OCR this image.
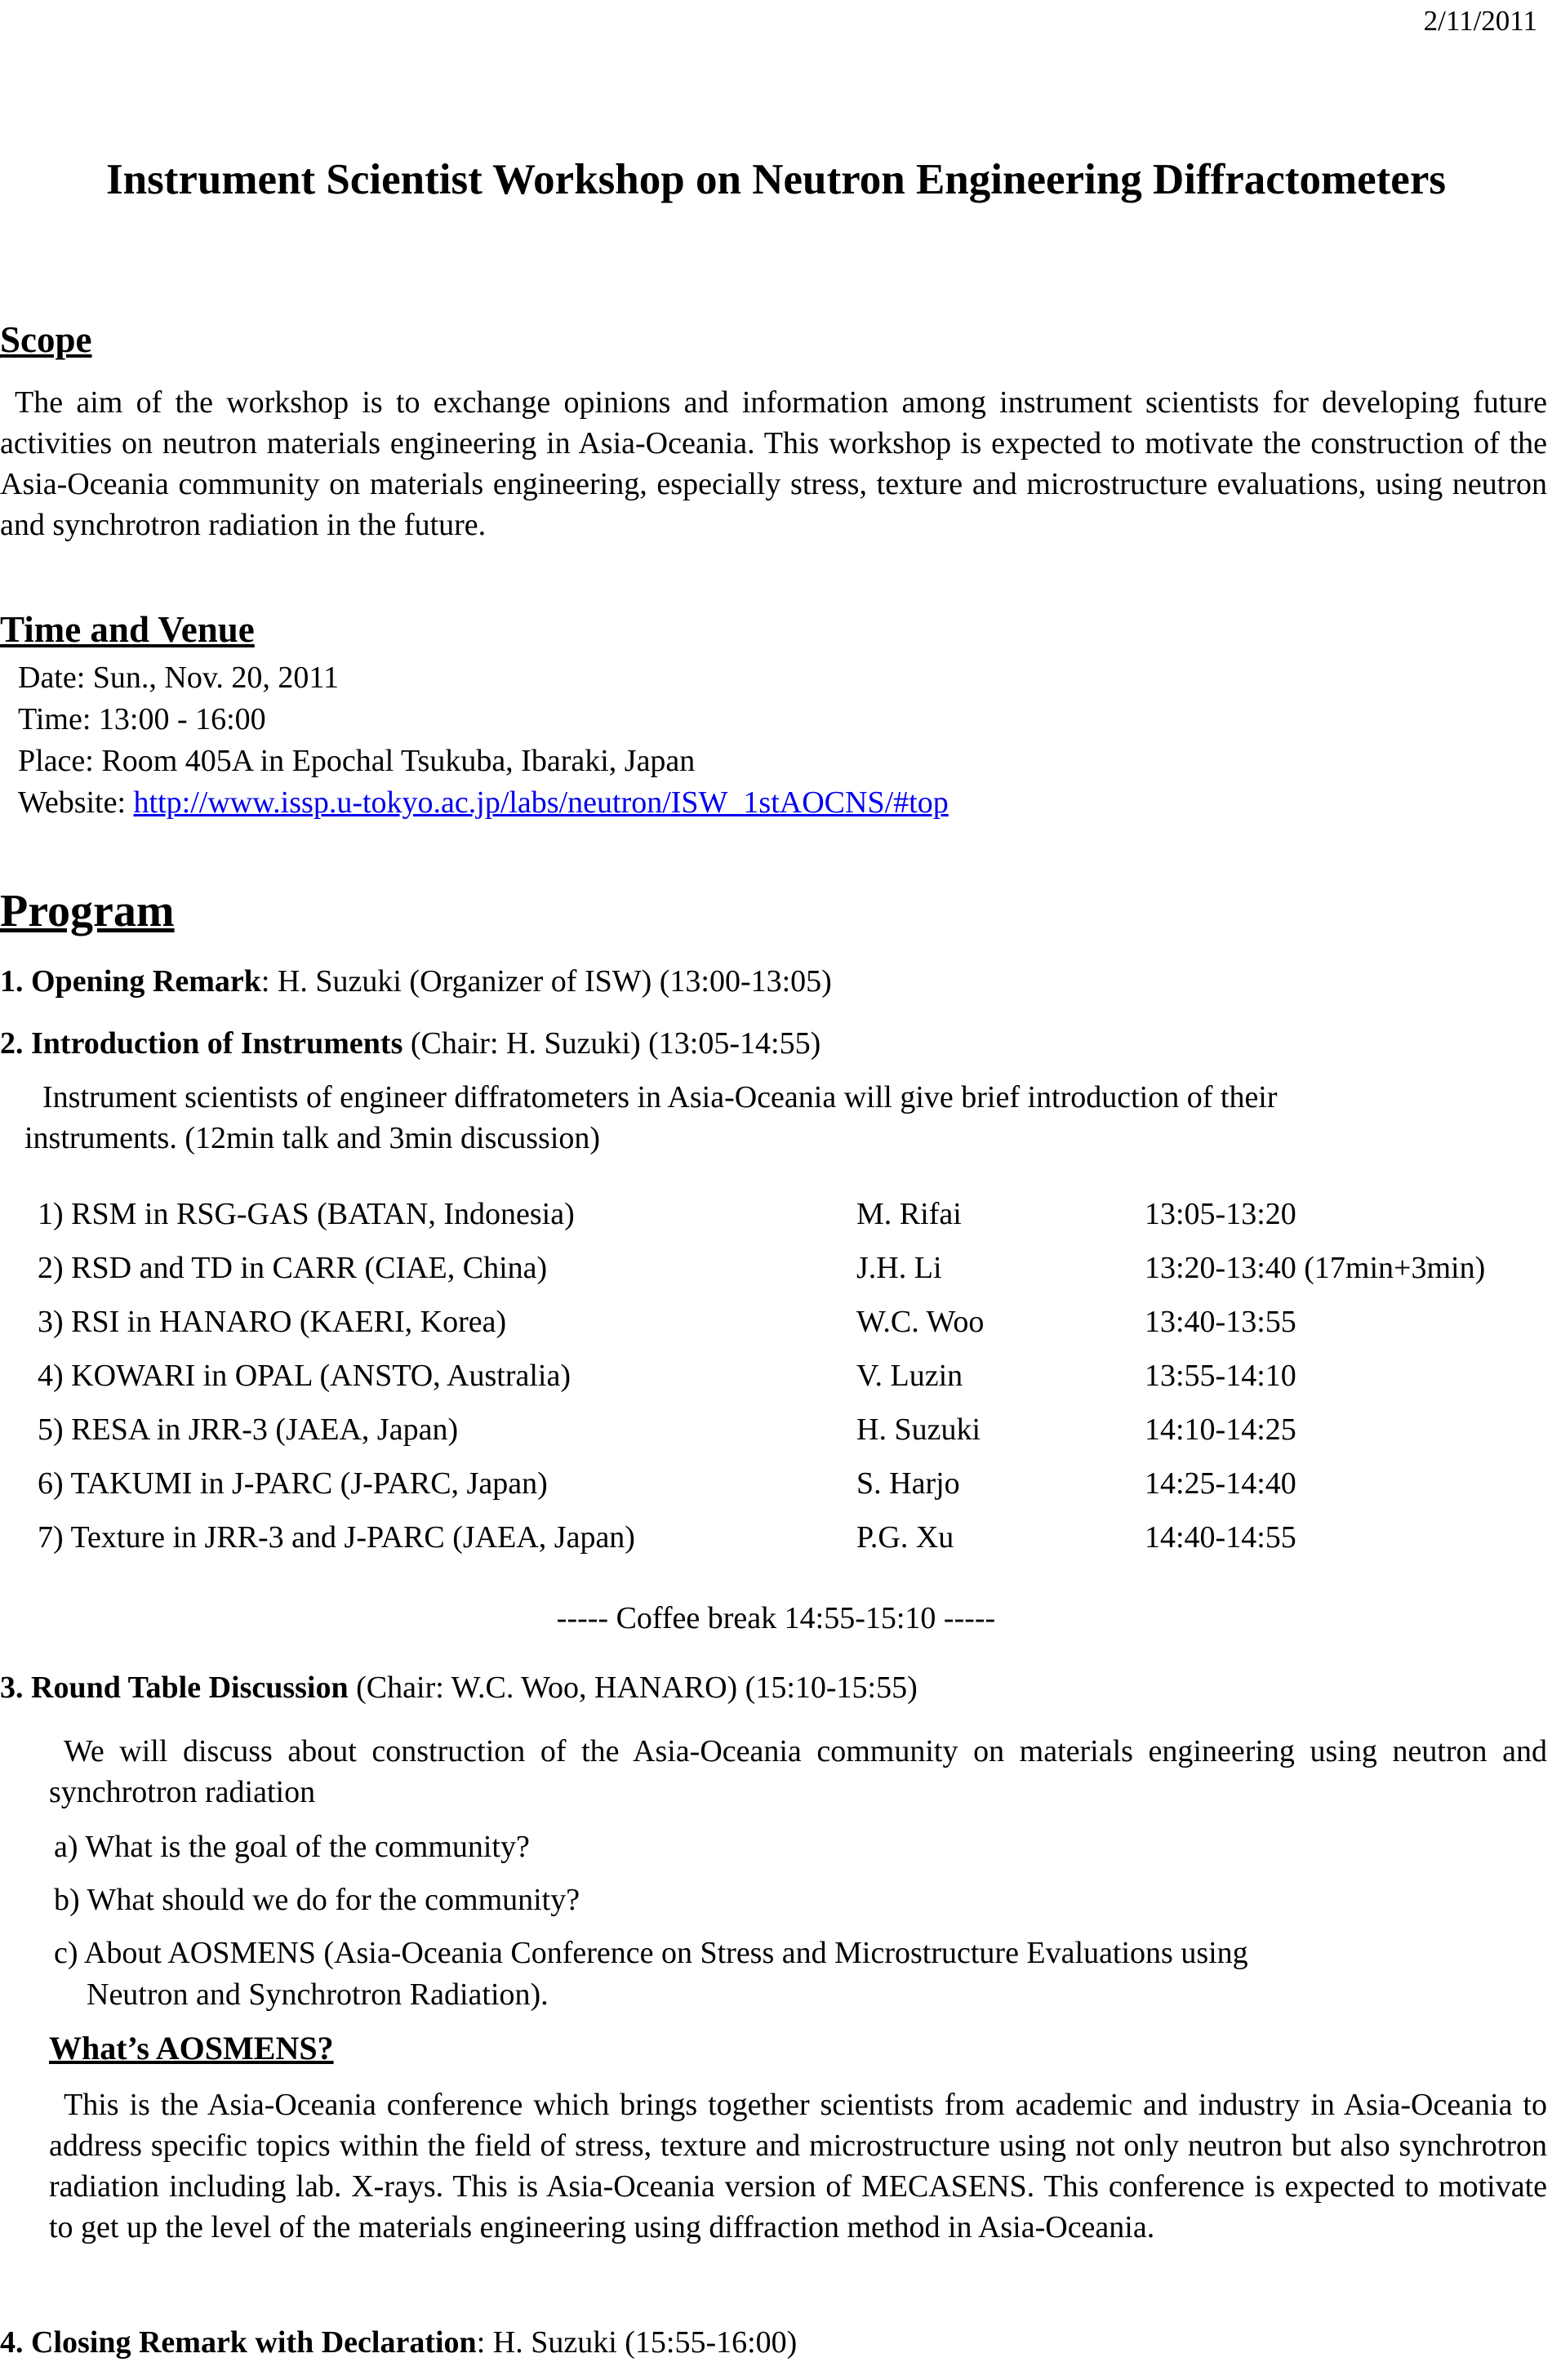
2/11/2011
Instrument Scientist Workshop on Neutron Engineering Diffractometers
Scope
The aim of the workshop is to exchange opinions and information among instrument scientists for developing future activities on neutron materials engineering in Asia-Oceania. This workshop is expected to motivate the construction of the Asia-Oceania community on materials engineering, especially stress, texture and microstructure evaluations, using neutron and synchrotron radiation in the future.
Time and Venue
Date: Sun., Nov. 20, 2011
Time: 13:00 - 16:00
Place: Room 405A in Epochal Tsukuba, Ibaraki, Japan
Website: http://www.issp.u-tokyo.ac.jp/labs/neutron/ISW_1stAOCNS/#top
Program
1. Opening Remark: H. Suzuki (Organizer of ISW) (13:00-13:05)
2. Introduction of Instruments (Chair: H. Suzuki) (13:05-14:55)
Instrument scientists of engineer diffratometers in Asia-Oceania will give brief introduction of their
instruments. (12min talk and 3min discussion)
1) RSM in RSG-GAS (BATAN, Indonesia)	M. Rifai	13:05-13:20
2) RSD and TD in CARR (CIAE, China)	J.H. Li	13:20-13:40 (17min+3min)
3) RSI in HANARO (KAERI, Korea)	W.C. Woo	13:40-13:55
4) KOWARI in OPAL (ANSTO, Australia)	V. Luzin	13:55-14:10
5) RESA in JRR-3 (JAEA, Japan)	H. Suzuki	14:10-14:25
6) TAKUMI in J-PARC (J-PARC, Japan)	S. Harjo	14:25-14:40
7) Texture in JRR-3 and J-PARC (JAEA, Japan)	P.G. Xu	14:40-14:55
----- Coffee break 14:55-15:10 -----
3. Round Table Discussion (Chair: W.C. Woo, HANARO) (15:10-15:55)
We will discuss about construction of the Asia-Oceania community on materials engineering using neutron and synchrotron radiation
a) What is the goal of the community?
b) What should we do for the community?
c) About AOSMENS (Asia-Oceania Conference on Stress and Microstructure Evaluations using
Neutron and Synchrotron Radiation).
What’s AOSMENS?
This is the Asia-Oceania conference which brings together scientists from academic and industry in Asia-Oceania to address specific topics within the field of stress, texture and microstructure using not only neutron but also synchrotron radiation including lab. X-rays. This is Asia-Oceania version of MECASENS. This conference is expected to motivate to get up the level of the materials engineering using diffraction method in Asia-Oceania.
4. Closing Remark with Declaration: H. Suzuki (15:55-16:00)
